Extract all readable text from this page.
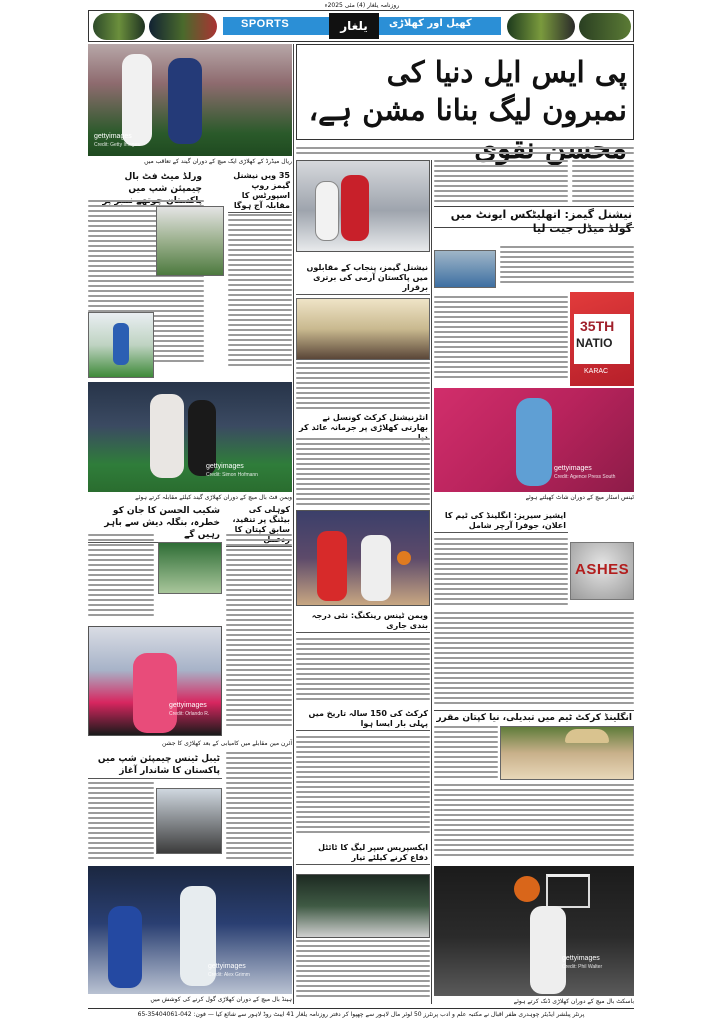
روزنامہ یلغار (4) مئی 2025ء
SPORTS	یلغار	کھیل اور کھلاڑی
پی ایس ایل دنیا کی نمبرون لیگ بنانا مشن ہے،
gettyimages
Credit: Getty Images
ریال میڈرڈ کے کھلاڑی ایک میچ کے دوران گیند کے تعاقب میں
ورلڈ میٹ فٹ بال چیمپئن شپ میں
35 ویں نیشنل گیمز روپ اسپورٹس کا مقابلہ آج ہوگا
gettyimages
Credit: Simon Hofmann
ویمن فٹ بال میچ کے دوران کھلاڑی گیند کیلئے مقابلہ کرتے ہوئے
شکیب الحسن کا جان کو خطرہ، بنگلہ دیش سے باہر رہیں گے
کوہلی کی بیٹنگ پر تنقید، سابق کپتان کا
gettyimages
Credit: Orlando R.
آئرن مین مقابلے میں کامیابی کے بعد کھلاڑی کا جشن
ٹیبل ٹینس چیمپئن شپ میں پاکستان کا شاندار آغاز
gettyimages
Credit: Alex Grimm
ہینڈ بال میچ کے دوران کھلاڑی گول کرنے کی کوشش میں
نیشنل گیمز: اتھلیٹکس ایونٹ میں گولڈ میڈل جیت لیا
نیشنل گیمز، پنجاب کے مقابلوں میں پاکستان آرمی کی برتری برقرار
35TH
NATIO
KARAC
انٹرنیشنل کرکٹ کونسل نے بھارتی کھلاڑی پر جرمانہ عائد کر
gettyimages
Credit: Agence Press South
ٹینس اسٹار میچ کے دوران شاٹ کھیلتے ہوئے
ایشیز سیریز: انگلینڈ کی ٹیم کا اعلان، جوفرا آرچر شامل
ASHES
ویمن ٹینس رینکنگ: نئی درجہ بندی جاری
انگلینڈ کرکٹ ٹیم میں تبدیلی، نیا کپتان مقرر
کرکٹ کی 150 سالہ تاریخ میں پہلی بار ایسا ہوا
ایکسپریس سپر لیگ کا ٹائٹل دفاع کرنے کیلئے تیار
gettyimages
Credit: Phil Walter
باسکٹ بال میچ کے دوران کھلاڑی ڈنک کرتے ہوئے
پرنٹر پبلشر ایڈیٹر چوہدری ظفر اقبال نے مکتبہ علم و ادب پرنٹرز 50 لوئر مال لاہور سے چھپوا کر دفتر روزنامہ یلغار 41 ایبٹ روڈ لاہور سے شائع کیا — فون: 042-35404061-65
